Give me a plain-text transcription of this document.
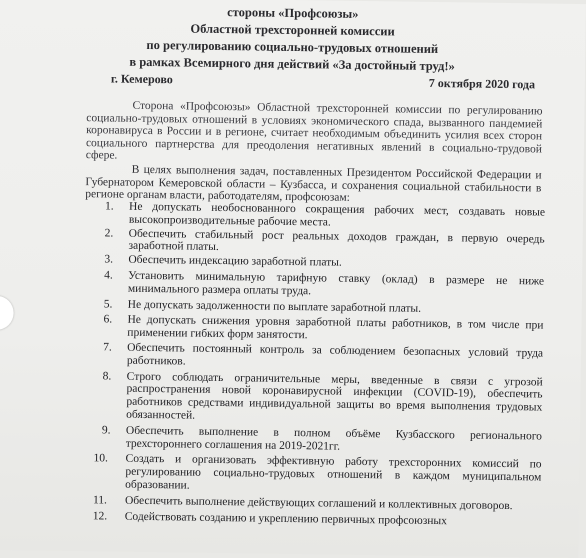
стороны «Профсоюзы»
Областной трехсторонней комиссии
по регулированию социально-трудовых отношений
в рамках Всемирного дня действий «За достойный труд!»
г. Кемерово	7 октября 2020 года

Сторона «Профсоюзы» Областной трехсторонней комиссии по регулированию социально-трудовых отношений в условиях экономического спада, вызванного пандемией коронавируса в России и в регионе, считает необходимым объединить усилия всех сторон социального партнерства для преодоления негативных явлений в социально-трудовой сфере.

В целях выполнения задач, поставленных Президентом Российской Федерации и Губернатором Кемеровской области – Кузбасса, и сохранения социальной стабильности в регионе органам власти, работодателям, профсоюзам:

1. Не допускать необоснованного сокращения рабочих мест, создавать новые высокопроизводительные рабочие места.
2. Обеспечить стабильный рост реальных доходов граждан, в первую очередь заработной платы.
3. Обеспечить индексацию заработной платы.
4. Установить минимальную тарифную ставку (оклад) в размере не ниже минимального размера оплаты труда.
5. Не допускать задолженности по выплате заработной платы.
6. Не допускать снижения уровня заработной платы работников, в том числе при применении гибких форм занятости.
7. Обеспечить постоянный контроль за соблюдением безопасных условий труда работников.
8. Строго соблюдать ограничительные меры, введенные в связи с угрозой распространения новой коронавирусной инфекции (COVID-19), обеспечить работников средствами индивидуальной защиты во время выполнения трудовых обязанностей.
9. Обеспечить выполнение в полном объёме Кузбасского регионального трехстороннего соглашения на 2019-2021гг.
10. Создать и организовать эффективную работу трехсторонних комиссий по регулированию социально-трудовых отношений в каждом муниципальном образовании.
11. Обеспечить выполнение действующих соглашений и коллективных договоров.
12. Содействовать созданию и укреплению первичных профсоюзных
